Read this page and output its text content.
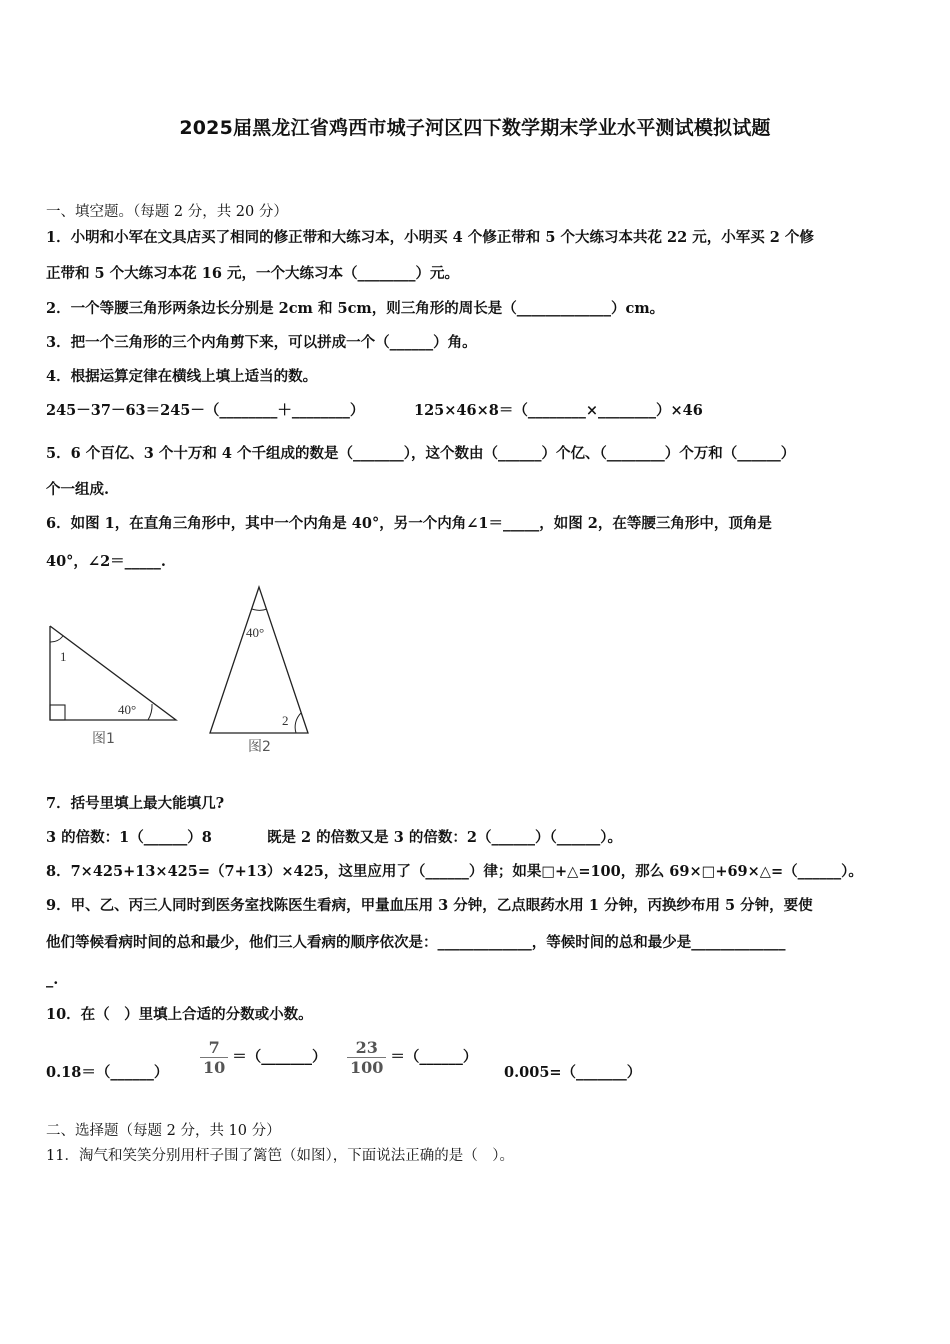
2025届黑龙江省鸡西市城子河区四下数学期末学业水平测试模拟试题
一、填空题。（每题 2 分，共 20 分）
1．小明和小军在文具店买了相同的修正带和大练习本，小明买 4 个修正带和 5 个大练习本共花 22 元，小军买 2 个修
正带和 5 个大练习本花 16 元，一个大练习本（________）元。
2．一个等腰三角形两条边长分别是 2cm 和 5cm，则三角形的周长是（_____________）cm。
3．把一个三角形的三个内角剪下来，可以拼成一个（______）角。
4．根据运算定律在横线上填上适当的数。
245－37－63＝245－（________＋________）	125×46×8＝（________×________）×46
5．6 个百亿、3 个十万和 4 个千组成的数是（_______），这个数由（______）个亿、（________）个万和（______）
个一组成.
6．如图 1，在直角三角形中，其中一个内角是 40°，另一个内角∠1＝_____，如图 2，在等腰三角形中，顶角是
40°，∠2＝_____.
1
40°
图1
40°
2
图2
7．括号里填上最大能填几?
3 的倍数：1（______）8	既是 2 的倍数又是 3 的倍数：2（______）（______）。
8．7×425+13×425=（7+13）×425，这里应用了（______）律；如果□+△=100，那么 69×□+69×△=（______）。
9．甲、乙、丙三人同时到医务室找陈医生看病，甲量血压用 3 分钟，乙点眼药水用 1 分钟，丙换纱布用 5 分钟，要使
他们等候看病时间的总和最少，他们三人看病的顺序依次是：_____________，等候时间的总和最少是_____________
_.
10．在（　）里填上合适的分数或小数。
0.18＝（______） $\frac{7}{10}$ ＝（_______） $\frac{23}{100}$ ＝（______）
0.005=（_______）
二、选择题（每题 2 分，共 10 分）
11．淘气和笑笑分别用杆子围了篱笆（如图），下面说法正确的是（　）。
